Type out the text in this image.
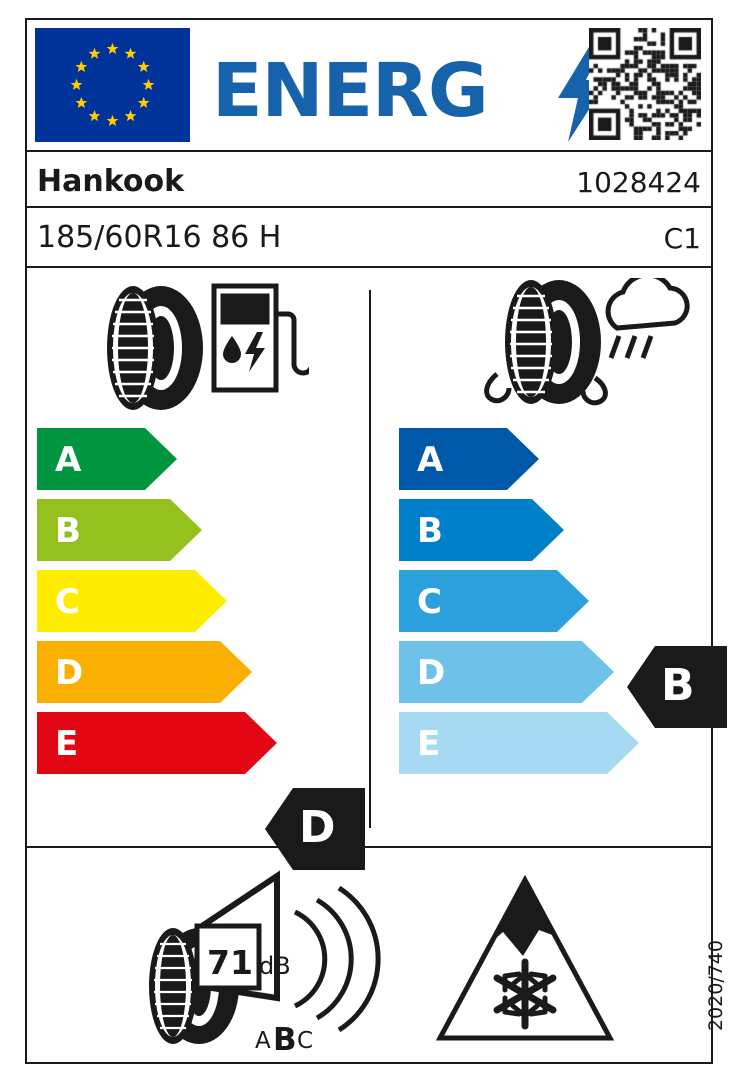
ENERG
Hankook	1028424
185/60R16 86 H	C1
A
B
C
D
E
D
A
B
C
D
E
B
71 dB
A B C
2020/740
